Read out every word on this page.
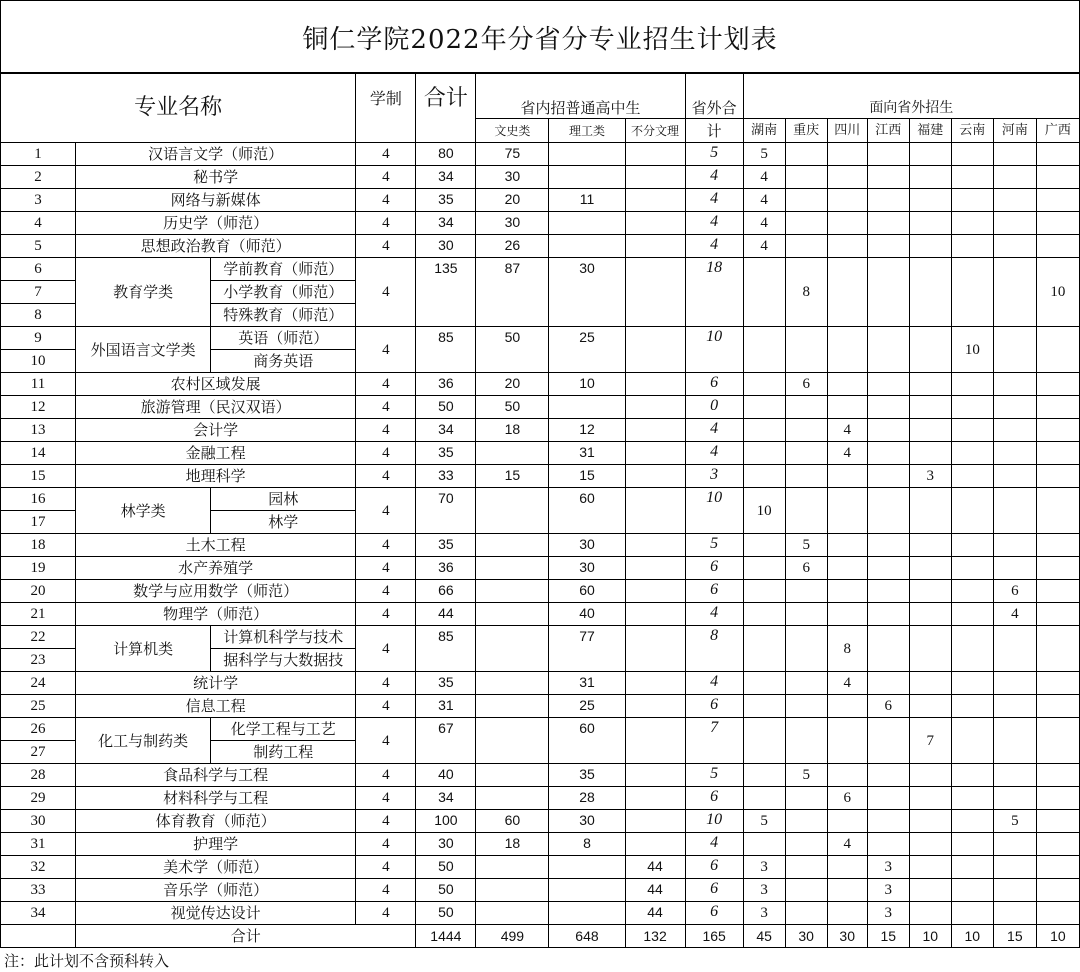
铜仁学院2022年分省分专业招生计划表
专业名称			学制	合计	省内招普通高中生			省外合	面向省外招生							
					文史类	理工类	不分文理	计	湖南	重庆	四川	江西	福建	云南	河南	广西
1	汉语言文学（师范）		4	80	75			5	5							
2	秘书学		4	34	30			4	4							
3	网络与新媒体		4	35	20	11		4	4							
4	历史学（师范）		4	34	30			4	4							
5	思想政治教育（师范）		4	30	26			4	4							
6	教育学类	学前教育（师范）	4	135	87	30		18		8						10
7		小学教育（师范）														
8		特殊教育（师范）														
9	外国语言文学类	英语（师范）	4	85	50	25		10						10		
10		商务英语														
11	农村区域发展		4	36	20	10		6		6						
12	旅游管理（民汉双语）		4	50	50			0								
13	会计学		4	34	18	12		4			4					
14	金融工程		4	35		31		4			4					
15	地理科学		4	33	15	15		3					3			
16	林学类	园林	4	70		60		10	10							
17		林学														
18	土木工程		4	35		30		5		5						
19	水产养殖学		4	36		30		6		6						
20	数学与应用数学（师范）		4	66		60		6							6	
21	物理学（师范）		4	44		40		4							4	
22	计算机类	计算机科学与技术	4	85		77		8			8					
23		据科学与大数据技														
24	统计学		4	35		31		4			4					
25	信息工程		4	31		25		6				6				
26	化工与制药类	化学工程与工艺	4	67		60		7					7			
27		制药工程														
28	食品科学与工程		4	40		35		5		5						
29	材料科学与工程		4	34		28		6			6					
30	体育教育（师范）		4	100	60	30		10	5						5	
31	护理学		4	30	18	8		4			4					
32	美术学（师范）		4	50			44	6	3			3				
33	音乐学（师范）		4	50			44	6	3			3				
34	视觉传达设计		4	50			44	6	3			3				
	合计			1444	499	648	132	165	45	30	30	15	10	10	15	10
注：此计划不含预科转入
